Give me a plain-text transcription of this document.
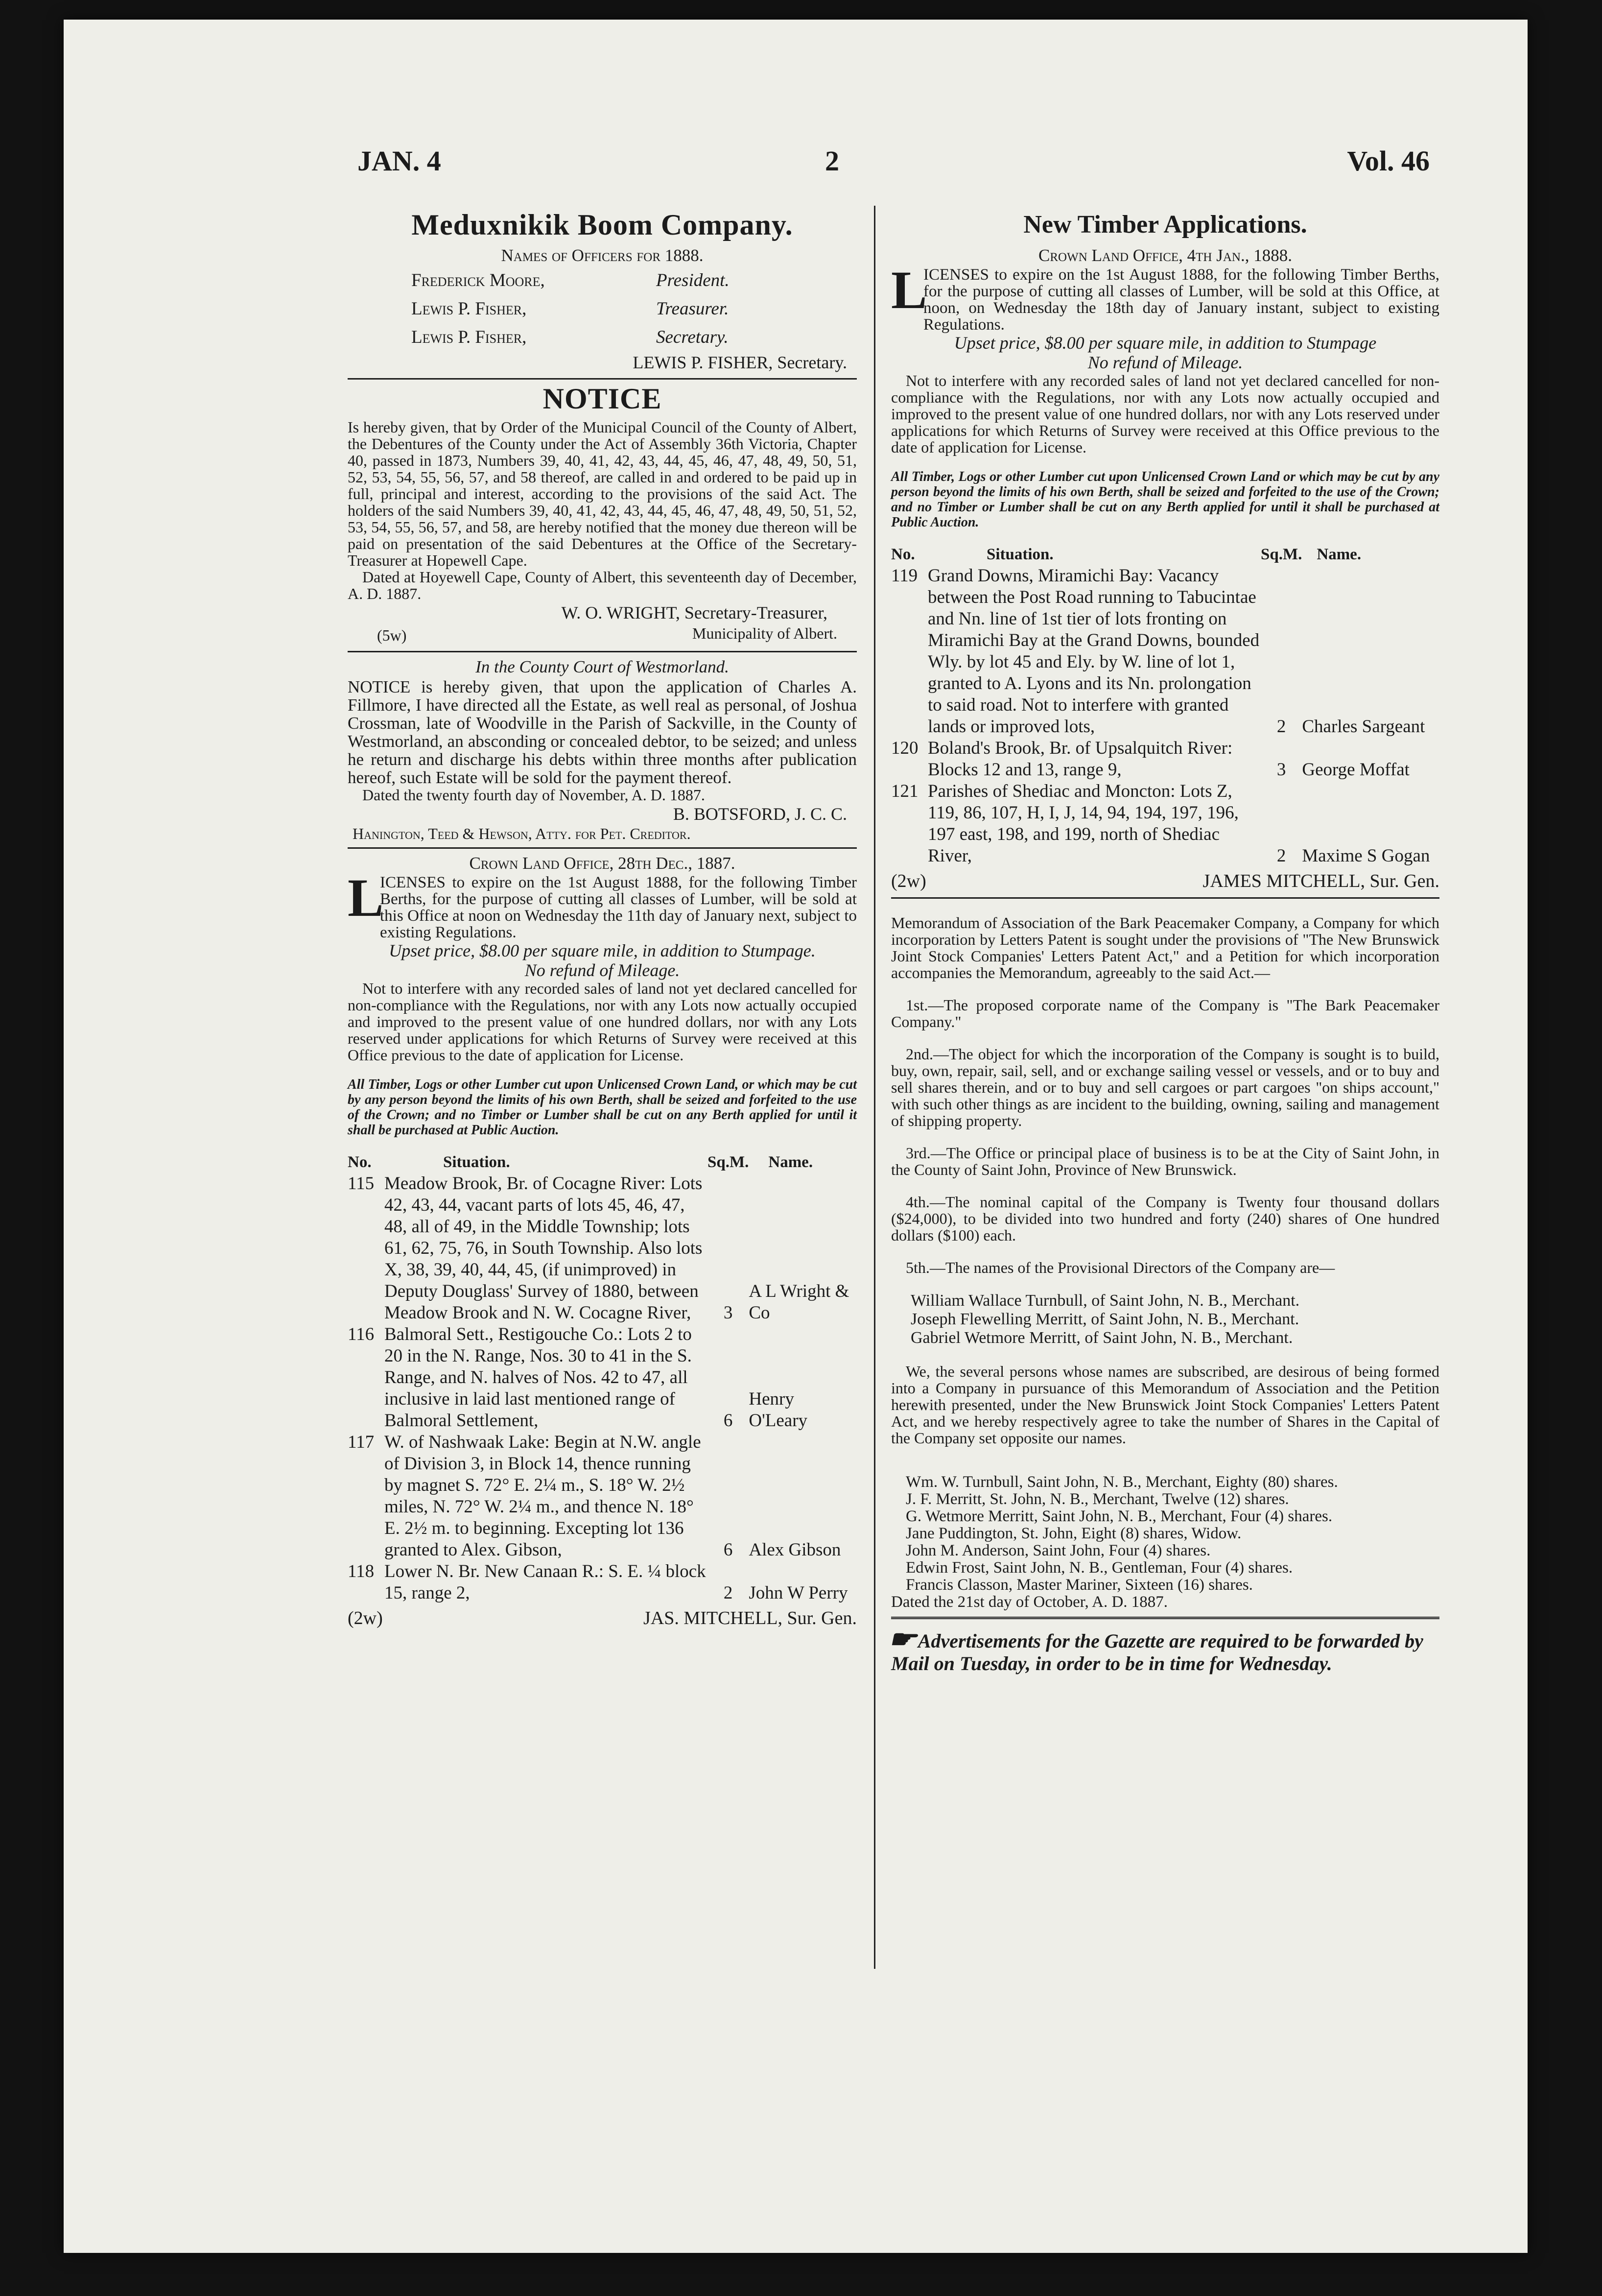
JAN. 4	2	Vol. 46
Meduxnikik Boom Company.
Names of Officers for 1888.
Frederick Moore,	President.
Lewis P. Fisher,	Treasurer.
Lewis P. Fisher,	Secretary.
LEWIS P. FISHER, Secretary.
NOTICE

Is hereby given, that by Order of the Municipal Council of the County of Albert, the Debentures of the County under the Act of Assembly 36th Victoria, Chapter 40, passed in 1873, Numbers 39, 40, 41, 42, 43, 44, 45, 46, 47, 48, 49, 50, 51, 52, 53, 54, 55, 56, 57, and 58 thereof, are called in and ordered to be paid up in full, principal and interest, according to the provisions of the said Act. The holders of the said Numbers 39, 40, 41, 42, 43, 44, 45, 46, 47, 48, 49, 50, 51, 52, 53, 54, 55, 56, 57, and 58, are hereby notified that the money due thereon will be paid on presentation of the said Debentures at the Office of the Secretary-Treasurer at Hopewell Cape.

Dated at Hoyewell Cape, County of Albert, this seventeenth day of December, A. D. 1887.

(5w)
W. O. WRIGHT, Secretary-Treasurer,
Municipality of Albert.
In the County Court of Westmorland.

NOTICE is hereby given, that upon the application of Charles A. Fillmore, I have directed all the Estate, as well real as personal, of Joshua Crossman, late of Woodville in the Parish of Sackville, in the County of Westmorland, an absconding or concealed debtor, to be seized; and unless he return and discharge his debts within three months after publication hereof, such Estate will be sold for the payment thereof.

Dated the twenty fourth day of November, A. D. 1887.

B. BOTSFORD, J. C. C.
Hanington, Teed & Hewson, Atty. for Pet. Creditor.
Crown Land Office, 28th Dec., 1887.
L

ICENSES to expire on the 1st August 1888, for the following Timber Berths, for the purpose of cutting all classes of Lumber, will be sold at this Office at noon on Wednesday the 11th day of January next, subject to existing Regulations.

Upset price, $8.00 per square mile, in addition to Stumpage.
No refund of Mileage.

Not to interfere with any recorded sales of land not yet declared cancelled for non-compliance with the Regulations, nor with any Lots now actually occupied and improved to the present value of one hundred dollars, nor with any Lots reserved under applications for which Returns of Survey were received at this Office previous to the date of application for License.

All Timber, Logs or other Lumber cut upon Unlicensed Crown Land, or which may be cut by any person beyond the limits of his own Berth, shall be seized and forfeited to the use of the Crown; and no Timber or Lumber shall be cut on any Berth applied for until it shall be purchased at Public Auction.

No.	Situation.	Sq.M.	Name.
115	Meadow Brook, Br. of Cocagne River: Lots 42, 43, 44, vacant parts of lots 45, 46, 47, 48, all of 49, in the Middle Township; lots 61, 62, 75, 76, in South Township. Also lots X, 38, 39, 40, 44, 45, (if unimproved) in Deputy Douglass' Survey of 1880, between Meadow Brook and N. W. Cocagne River,	3	A L Wright & Co
116	Balmoral Sett., Restigouche Co.: Lots 2 to 20 in the N. Range, Nos. 30 to 41 in the S. Range, and N. halves of Nos. 42 to 47, all inclusive in laid last mentioned range of Balmoral Settlement,	6	Henry O'Leary
117	W. of Nashwaak Lake: Begin at N.W. angle of Division 3, in Block 14, thence running by magnet S. 72° E. 2¼ m., S. 18° W. 2½ miles, N. 72° W. 2¼ m., and thence N. 18° E. 2½ m. to beginning. Excepting lot 136 granted to Alex. Gibson,	6	Alex Gibson
118	Lower N. Br. New Canaan R.: S. E. ¼ block 15, range 2,	2	John W Perry
(2w)	JAS. MITCHELL, Sur. Gen.
New Timber Applications.
Crown Land Office, 4th Jan., 1888.
L

ICENSES to expire on the 1st August 1888, for the following Timber Berths, for the purpose of cutting all classes of Lumber, will be sold at this Office, at noon, on Wednesday the 18th day of January instant, subject to existing Regulations.

Upset price, $8.00 per square mile, in addition to Stumpage
No refund of Mileage.

Not to interfere with any recorded sales of land not yet declared cancelled for non-compliance with the Regulations, nor with any Lots now actually occupied and improved to the present value of one hundred dollars, nor with any Lots reserved under applications for which Returns of Survey were received at this Office previous to the date of application for License.

All Timber, Logs or other Lumber cut upon Unlicensed Crown Land or which may be cut by any person beyond the limits of his own Berth, shall be seized and forfeited to the use of the Crown; and no Timber or Lumber shall be cut on any Berth applied for until it shall be purchased at Public Auction.

No.	Situation.	Sq.M.	Name.
119	Grand Downs, Miramichi Bay: Vacancy between the Post Road running to Tabucintae and Nn. line of 1st tier of lots fronting on Miramichi Bay at the Grand Downs, bounded Wly. by lot 45 and Ely. by W. line of lot 1, granted to A. Lyons and its Nn. prolongation to said road. Not to interfere with granted lands or improved lots,	2	Charles Sargeant
120	Boland's Brook, Br. of Upsalquitch River: Blocks 12 and 13, range 9,	3	George Moffat
121	Parishes of Shediac and Moncton: Lots Z, 119, 86, 107, H, I, J, 14, 94, 194, 197, 196, 197 east, 198, and 199, north of Shediac River,	2	Maxime S Gogan
(2w)	JAMES MITCHELL, Sur. Gen.

Memorandum of Association of the Bark Peacemaker Company, a Company for which incorporation by Letters Patent is sought under the provisions of "The New Brunswick Joint Stock Companies' Letters Patent Act," and a Petition for which incorporation accompanies the Memorandum, agreeably to the said Act.—

1st.—The proposed corporate name of the Company is "The Bark Peacemaker Company."

2nd.—The object for which the incorporation of the Company is sought is to build, buy, own, repair, sail, sell, and or exchange sailing vessel or vessels, and or to buy and sell shares therein, and or to buy and sell cargoes or part cargoes "on ships account," with such other things as are incident to the building, owning, sailing and management of shipping property.

3rd.—The Office or principal place of business is to be at the City of Saint John, in the County of Saint John, Province of New Brunswick.

4th.—The nominal capital of the Company is Twenty four thousand dollars ($24,000), to be divided into two hundred and forty (240) shares of One hundred dollars ($100) each.

5th.—The names of the Provisional Directors of the Company are—

William Wallace Turnbull, of Saint John, N. B., Merchant.
Joseph Flewelling Merritt, of Saint John, N. B., Merchant.
Gabriel Wetmore Merritt, of Saint John, N. B., Merchant.

We, the several persons whose names are subscribed, are desirous of being formed into a Company in pursuance of this Memorandum of Association and the Petition herewith presented, under the New Brunswick Joint Stock Companies' Letters Patent Act, and we hereby respectively agree to take the number of Shares in the Capital of the Company set opposite our names.

Wm. W. Turnbull, Saint John, N. B., Merchant, Eighty (80) shares.
J. F. Merritt, St. John, N. B., Merchant, Twelve (12) shares.
G. Wetmore Merritt, Saint John, N. B., Merchant, Four (4) shares.
Jane Puddington, St. John, Eight (8) shares, Widow.
John M. Anderson, Saint John, Four (4) shares.
Edwin Frost, Saint John, N. B., Gentleman, Four (4) shares.
Francis Classon, Master Mariner, Sixteen (16) shares.
Dated the 21st day of October, A. D. 1887.
☛Advertisements for the Gazette are required to be forwarded by Mail on Tuesday, in order to be in time for Wednesday.
